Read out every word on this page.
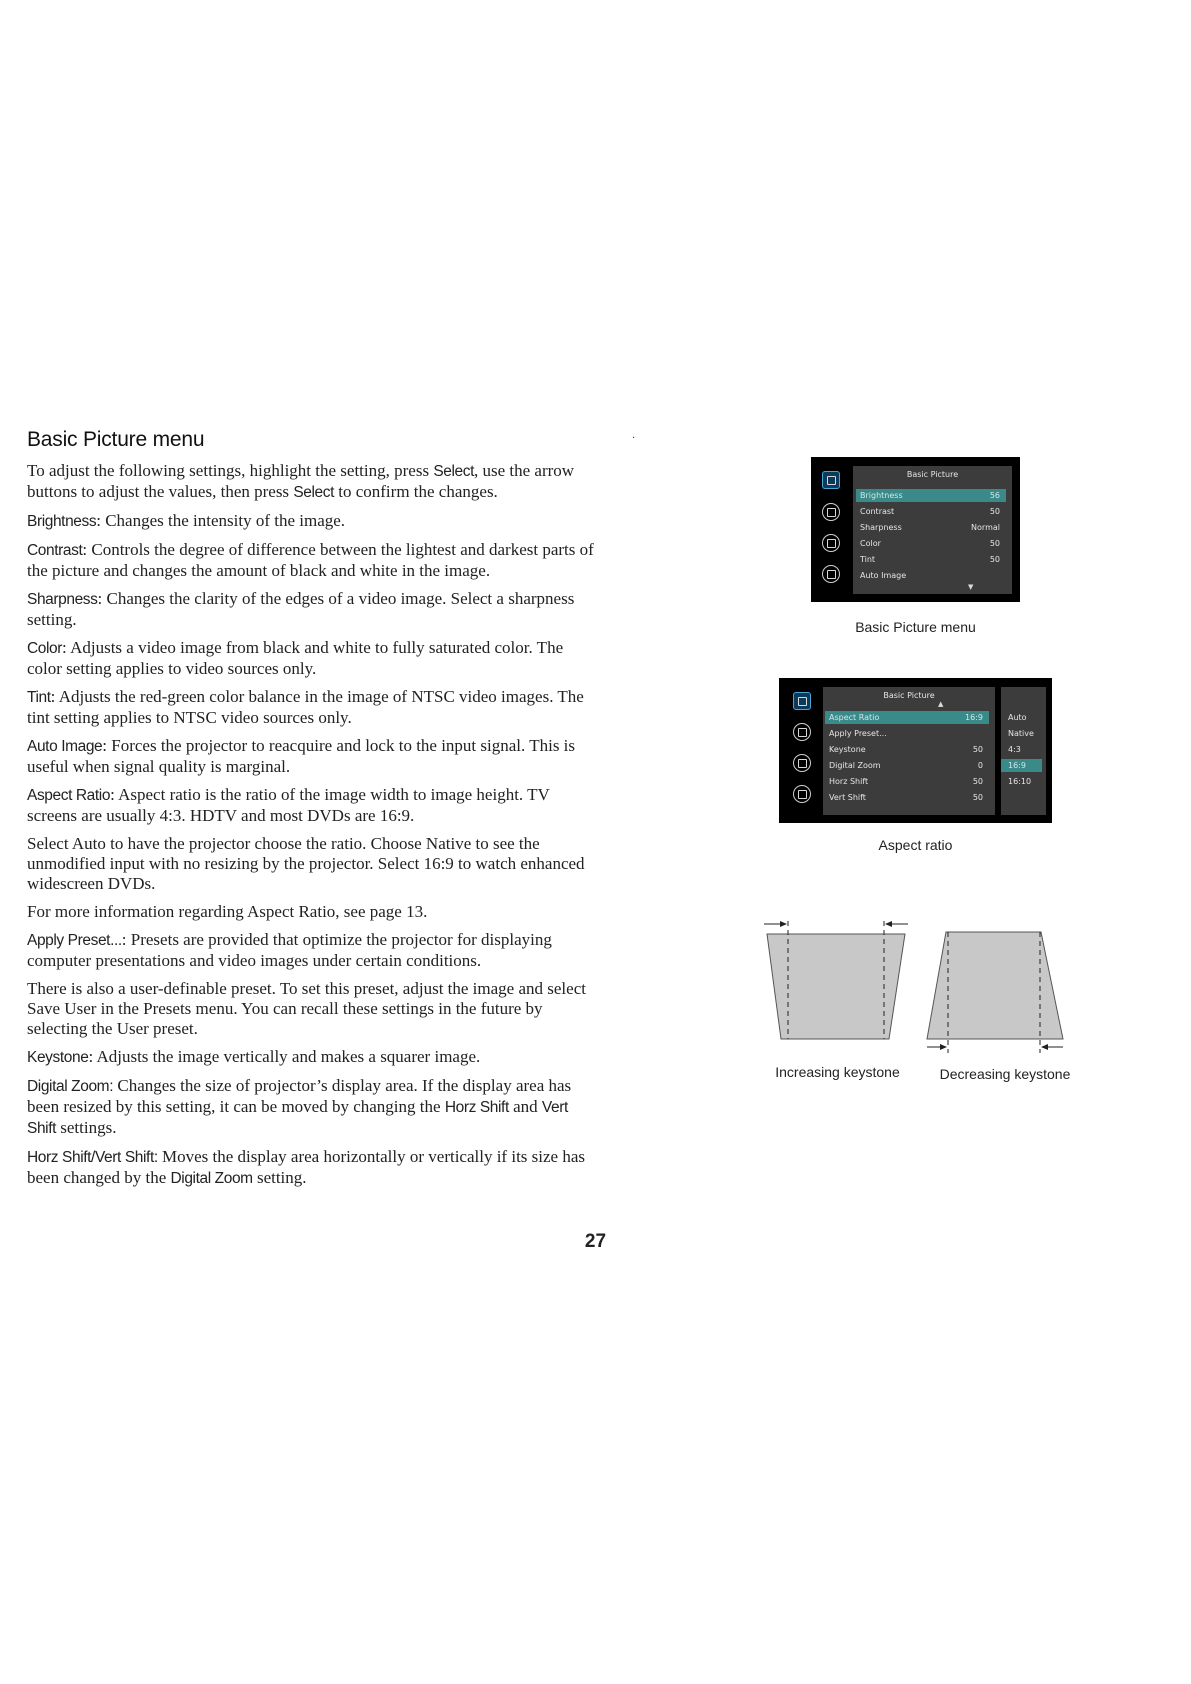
Basic Picture menu

To adjust the following settings, highlight the setting, press Select, use the arrow buttons to adjust the values, then press Select to confirm the changes.

Brightness: Changes the intensity of the image.

Contrast: Controls the degree of difference between the lightest and darkest parts of the picture and changes the amount of black and white in the image.

Sharpness: Changes the clarity of the edges of a video image. Select a sharpness setting.

Color: Adjusts a video image from black and white to fully saturated color. The color setting applies to video sources only.

Tint: Adjusts the red-green color balance in the image of NTSC video images. The tint setting applies to NTSC video sources only.

Auto Image: Forces the projector to reacquire and lock to the input signal. This is useful when signal quality is marginal.

Aspect Ratio: Aspect ratio is the ratio of the image width to image height. TV screens are usually 4:3. HDTV and most DVDs are 16:9.

Select Auto to have the projector choose the ratio. Choose Native to see the unmodified input with no resizing by the projector. Select 16:9 to watch enhanced widescreen DVDs.

For more information regarding Aspect Ratio, see page 13.

Apply Preset...: Presets are provided that optimize the projector for displaying computer presentations and video images under certain conditions.

There is also a user-definable preset. To set this preset, adjust the image and select Save User in the Presets menu. You can recall these settings in the future by selecting the User preset.

Keystone: Adjusts the image vertically and makes a squarer image.

Digital Zoom: Changes the size of projector’s display area. If the display area has been resized by this setting, it can be moved by changing the Horz Shift and Vert Shift settings.

Horz Shift/Vert Shift: Moves the display area horizontally or vertically if its size has been changed by the Digital Zoom setting.

.
Basic Picture
Brightness	56
Contrast	50
Sharpness	Normal
Color	50
Tint	50
Auto Image
▼
Basic Picture menu
Basic Picture
▲
Aspect Ratio	16:9
Apply Preset...
Keystone	50
Digital Zoom	0
Horz Shift	50
Vert Shift	50
Auto
Native
4:3
16:9
16:10
Aspect ratio
Increasing keystone	Decreasing keystone
27
